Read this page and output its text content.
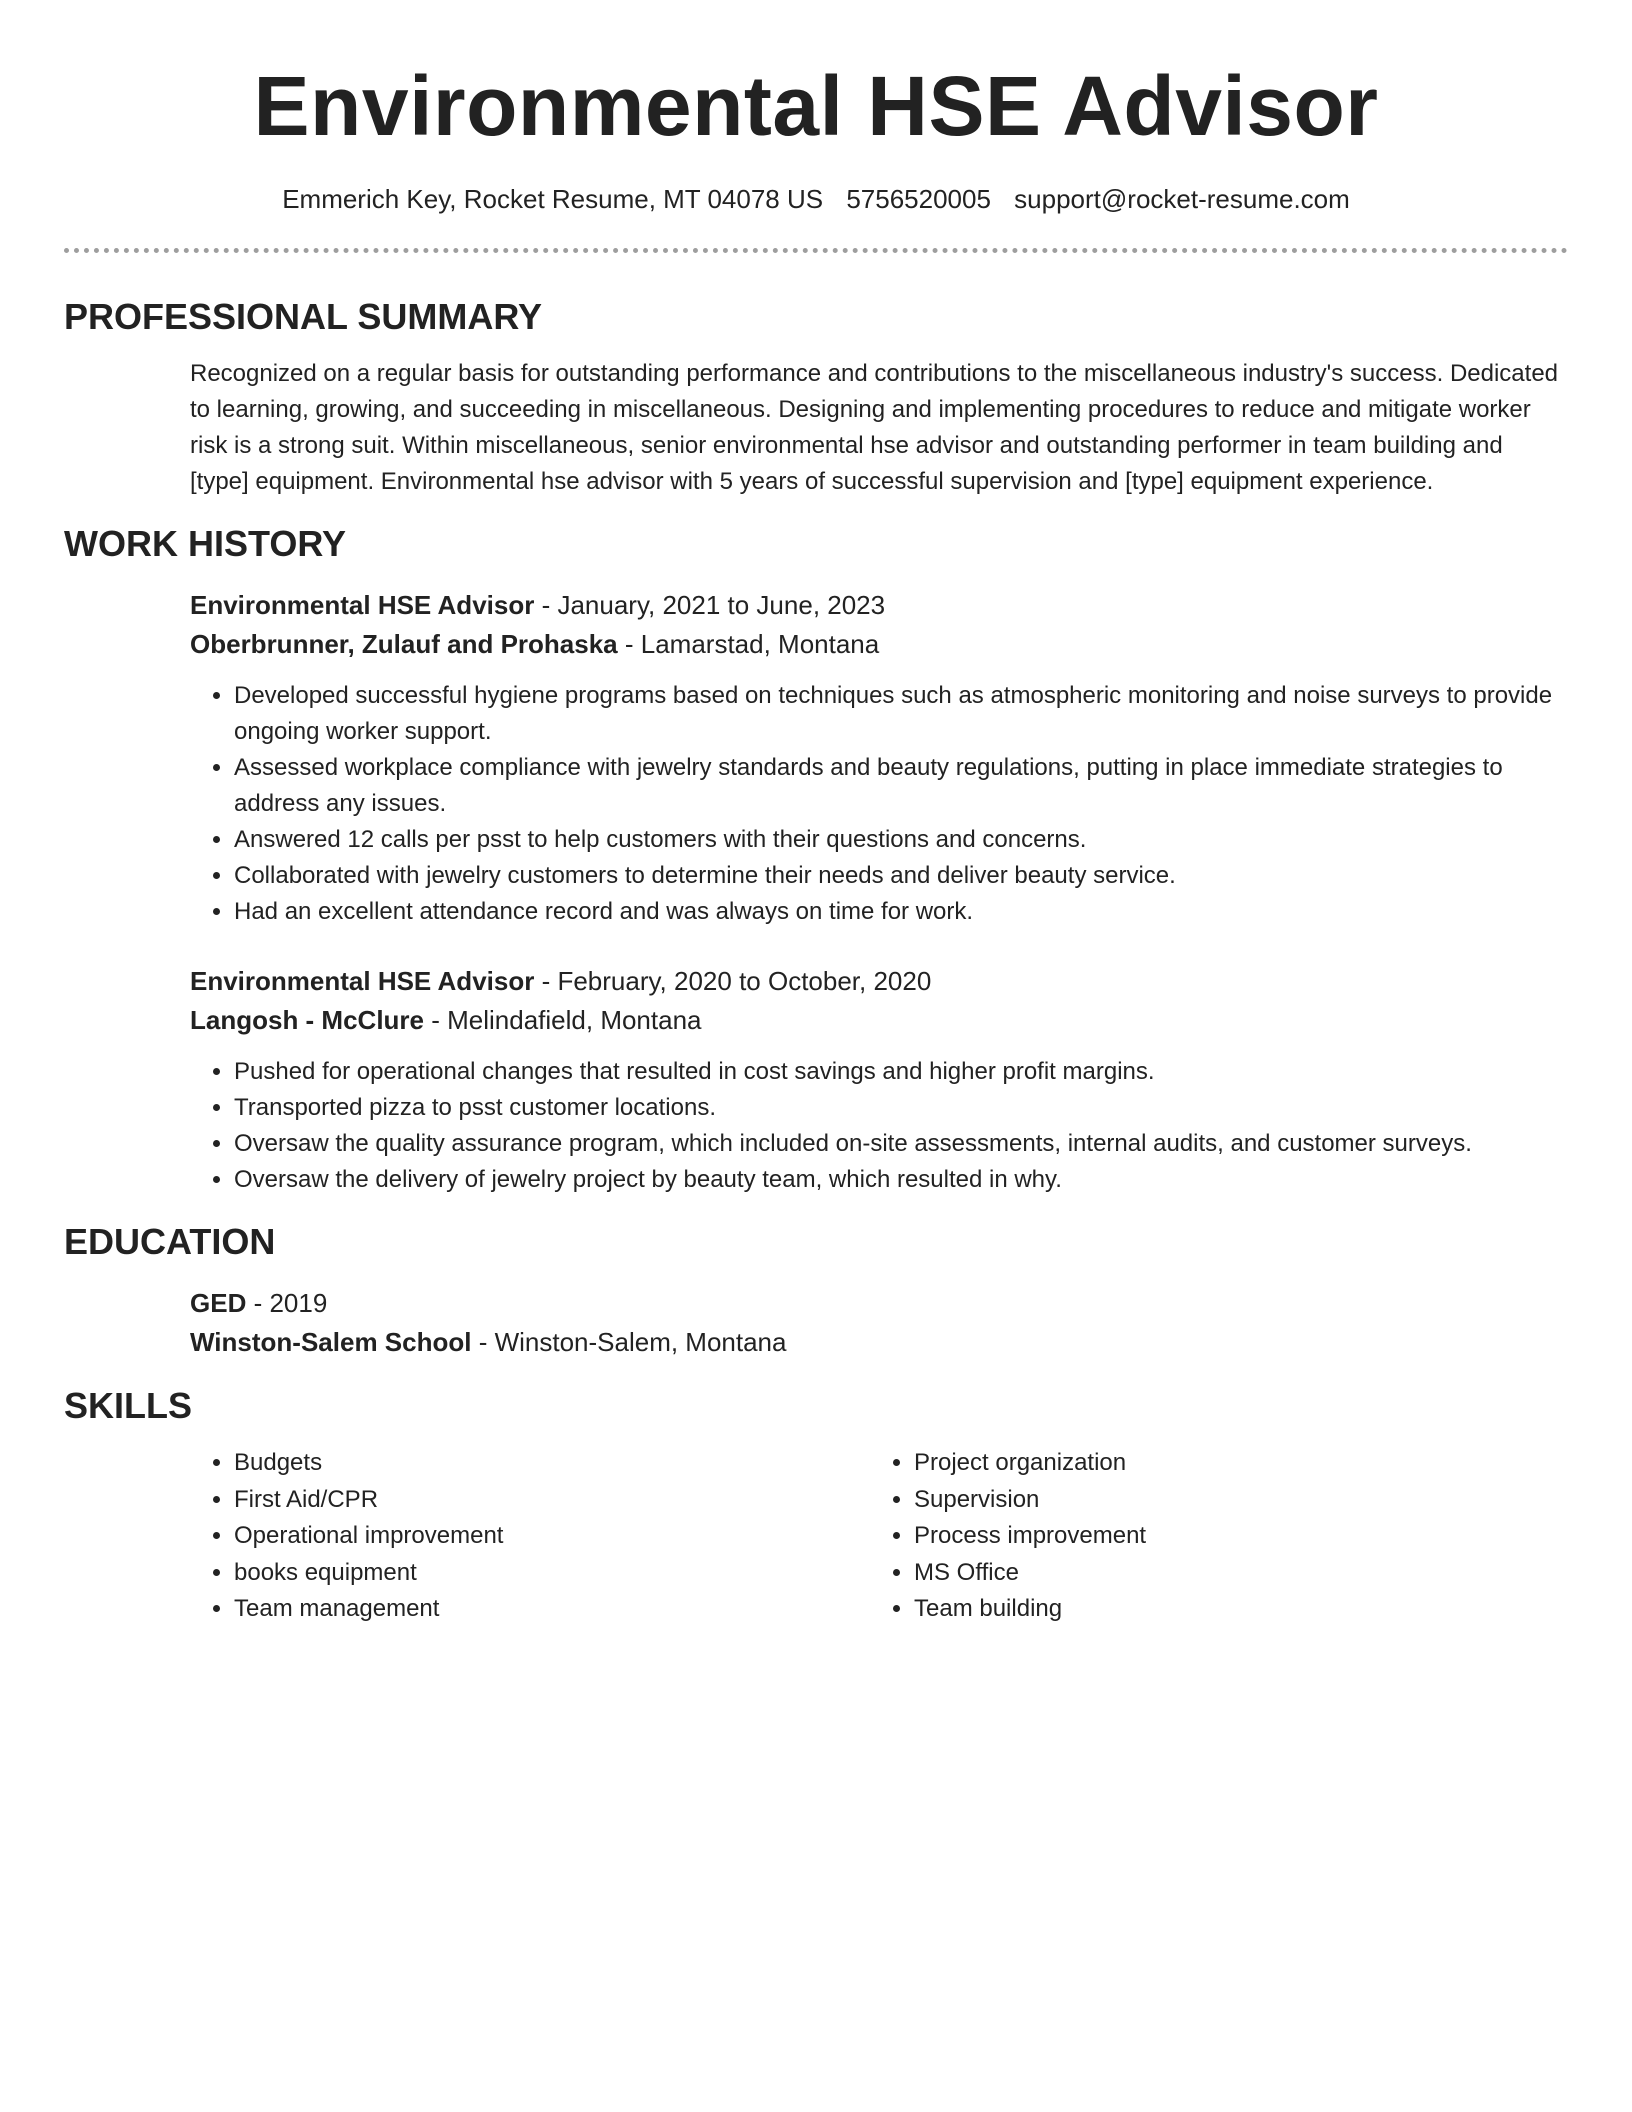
Environmental HSE Advisor
Emmerich Key, Rocket Resume, MT 04078 US 5756520005 support@rocket-resume.com
PROFESSIONAL SUMMARY
Recognized on a regular basis for outstanding performance and contributions to the miscellaneous industry's success. Dedicated to learning, growing, and succeeding in miscellaneous. Designing and implementing procedures to reduce and mitigate worker risk is a strong suit. Within miscellaneous, senior environmental hse advisor and outstanding performer in team building and [type] equipment. Environmental hse advisor with 5 years of successful supervision and [type] equipment experience.
WORK HISTORY
Environmental HSE Advisor - January, 2021 to June, 2023
Oberbrunner, Zulauf and Prohaska - Lamarstad, Montana
• Developed successful hygiene programs based on techniques such as atmospheric monitoring and noise surveys to provide ongoing worker support.
• Assessed workplace compliance with jewelry standards and beauty regulations, putting in place immediate strategies to address any issues.
• Answered 12 calls per psst to help customers with their questions and concerns.
• Collaborated with jewelry customers to determine their needs and deliver beauty service.
• Had an excellent attendance record and was always on time for work.
Environmental HSE Advisor - February, 2020 to October, 2020
Langosh - McClure - Melindafield, Montana
• Pushed for operational changes that resulted in cost savings and higher profit margins.
• Transported pizza to psst customer locations.
• Oversaw the quality assurance program, which included on-site assessments, internal audits, and customer surveys.
• Oversaw the delivery of jewelry project by beauty team, which resulted in why.
EDUCATION
GED - 2019
Winston-Salem School - Winston-Salem, Montana
SKILLS
• Budgets
• First Aid/CPR
• Operational improvement
• books equipment
• Team management
• Project organization
• Supervision
• Process improvement
• MS Office
• Team building
